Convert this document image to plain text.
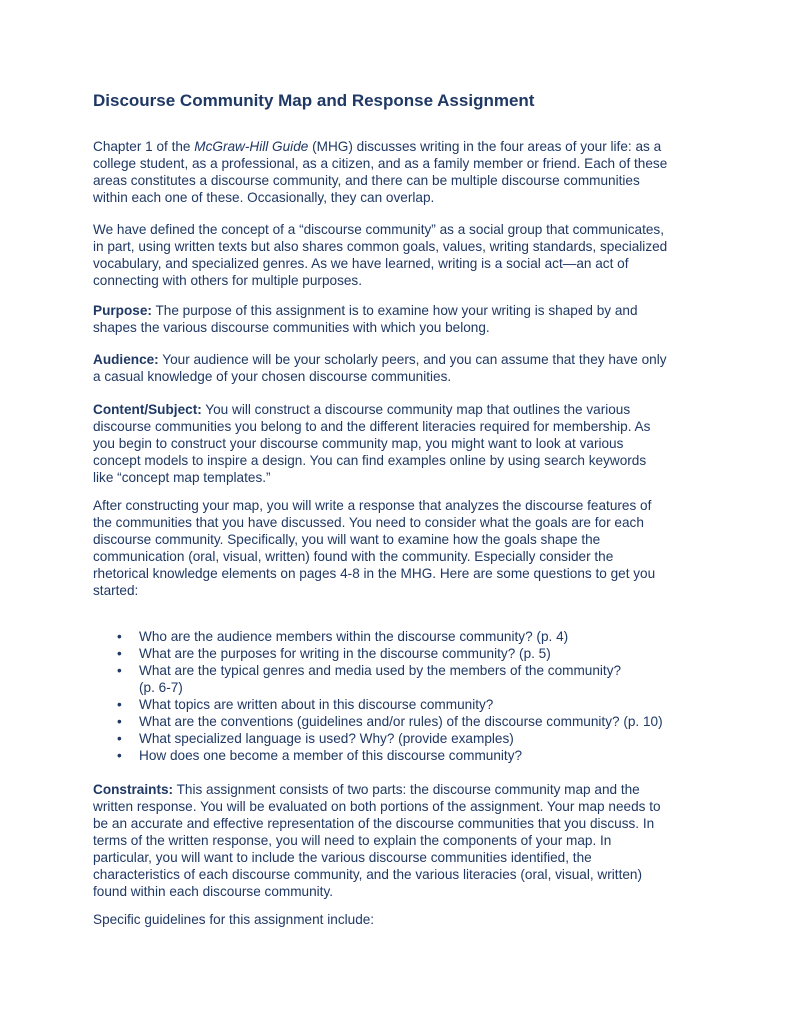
Discourse Community Map and Response Assignment

Chapter 1 of the McGraw-Hill Guide (MHG) discusses writing in the four areas of your life: as a
college student, as a professional, as a citizen, and as a family member or friend. Each of these
areas constitutes a discourse community, and there can be multiple discourse communities
within each one of these. Occasionally, they can overlap.

We have defined the concept of a “discourse community” as a social group that communicates,
in part, using written texts but also shares common goals, values, writing standards, specialized
vocabulary, and specialized genres. As we have learned, writing is a social act—an act of
connecting with others for multiple purposes.

Purpose: The purpose of this assignment is to examine how your writing is shaped by and
shapes the various discourse communities with which you belong.

Audience: Your audience will be your scholarly peers, and you can assume that they have only
a casual knowledge of your chosen discourse communities.

Content/Subject: You will construct a discourse community map that outlines the various
discourse communities you belong to and the different literacies required for membership. As
you begin to construct your discourse community map, you might want to look at various
concept models to inspire a design. You can find examples online by using search keywords
like “concept map templates.”

After constructing your map, you will write a response that analyzes the discourse features of
the communities that you have discussed. You need to consider what the goals are for each
discourse community. Specifically, you will want to examine how the goals shape the
communication (oral, visual, written) found with the community. Especially consider the
rhetorical knowledge elements on pages 4-8 in the MHG. Here are some questions to get you
started:

• Who are the audience members within the discourse community? (p. 4)
• What are the purposes for writing in the discourse community? (p. 5)
• What are the typical genres and media used by the members of the community?
(p. 6-7)
• What topics are written about in this discourse community?
• What are the conventions (guidelines and/or rules) of the discourse community? (p. 10)
• What specialized language is used? Why? (provide examples)
• How does one become a member of this discourse community?

Constraints: This assignment consists of two parts: the discourse community map and the
written response. You will be evaluated on both portions of the assignment. Your map needs to
be an accurate and effective representation of the discourse communities that you discuss. In
terms of the written response, you will need to explain the components of your map. In
particular, you will want to include the various discourse communities identified, the
characteristics of each discourse community, and the various literacies (oral, visual, written)
found within each discourse community.

Specific guidelines for this assignment include:
